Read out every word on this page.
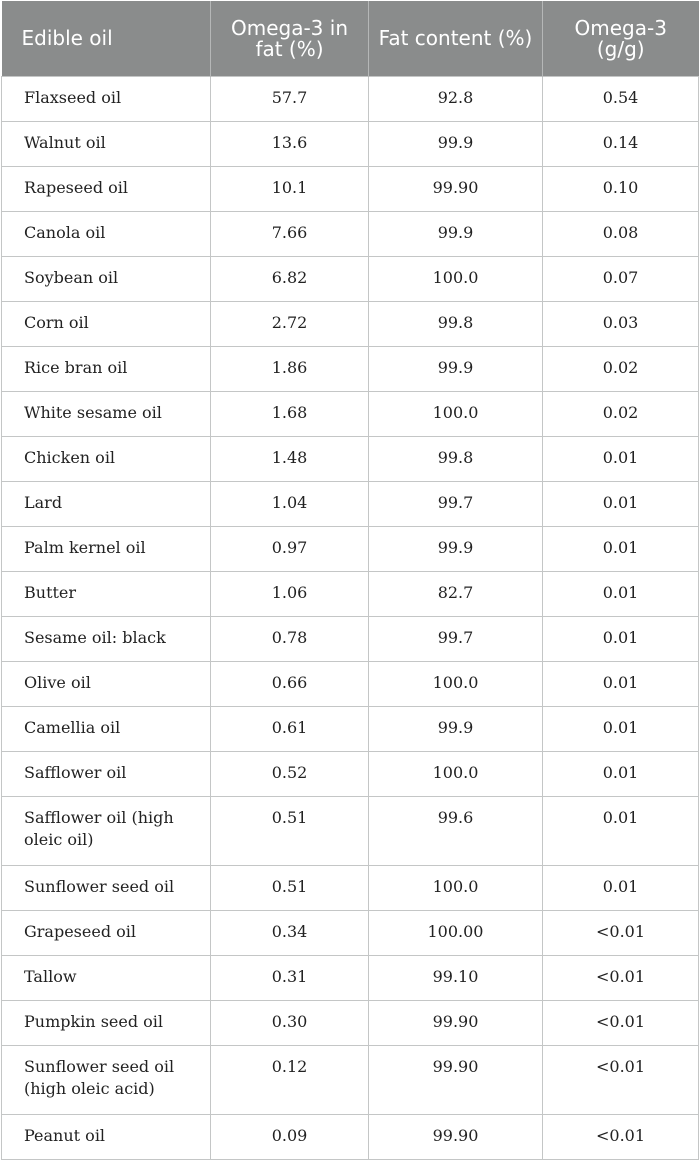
Edible oil	Omega-3 in fat (%)	Fat content (%)	Omega-3 (g/g)
Flaxseed oil	57.7	92.8	0.54
Walnut oil	13.6	99.9	0.14
Rapeseed oil	10.1	99.90	0.10
Canola oil	7.66	99.9	0.08
Soybean oil	6.82	100.0	0.07
Corn oil	2.72	99.8	0.03
Rice bran oil	1.86	99.9	0.02
White sesame oil	1.68	100.0	0.02
Chicken oil	1.48	99.8	0.01
Lard	1.04	99.7	0.01
Palm kernel oil	0.97	99.9	0.01
Butter	1.06	82.7	0.01
Sesame oil: black	0.78	99.7	0.01
Olive oil	0.66	100.0	0.01
Camellia oil	0.61	99.9	0.01
Safflower oil	0.52	100.0	0.01
Safflower oil (high oleic oil)	0.51	99.6	0.01
Sunflower seed oil	0.51	100.0	0.01
Grapeseed oil	0.34	100.00	<0.01
Tallow	0.31	99.10	<0.01
Pumpkin seed oil	0.30	99.90	<0.01
Sunflower seed oil (high oleic acid)	0.12	99.90	<0.01
Peanut oil	0.09	99.90	<0.01
